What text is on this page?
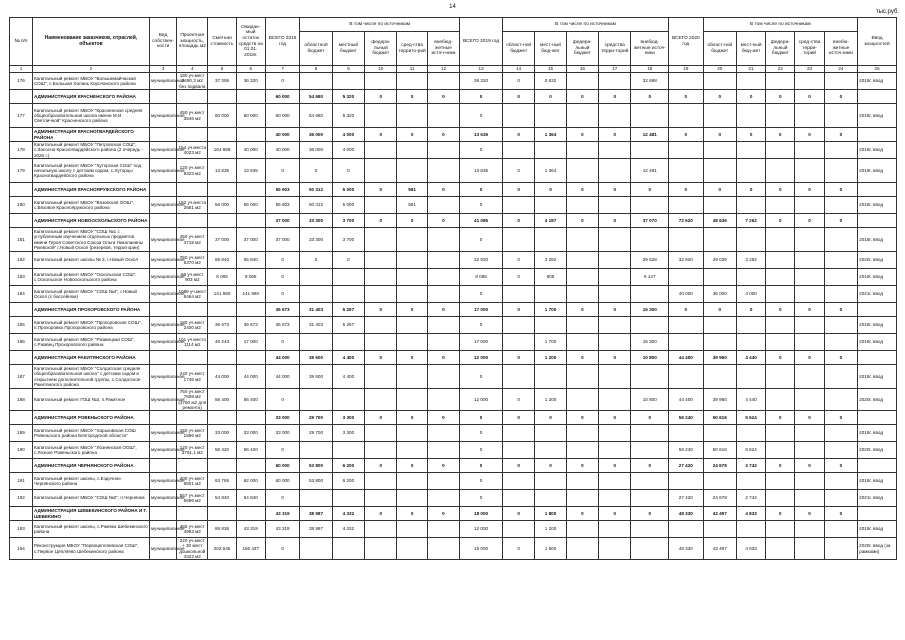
14
тыс.руб.
№ п/п	Наименование заказчиков, отраслей, объектов	Вид собствен-ности	Проектная мощность, площадь м2	Сметная стоимость	Ожидае-мый остаток средств на 01.01. 2018г.	ВСЕГО 2018 год	В том числе по источникам					ВСЕГО 2019 год	В том числе по источникам					ВСЕГО 2020 год	В том числе по источникам					Ввод мощностей
							областной бюджет	местный бюджет	федера-льный бюджет	сред-ства террито-рий	внебюд-жетные источ-ники		област-ной бюджет	мест-ный бюд-жет	федера-льный бюджет	средства терри-торий	внебюд-жетные источ-ники		област-ной бюджет	мест-ный бюд-жет	федера-льный бюджет	сред-ства терри-торий	внебю-жетные источ-ники	
1	2	3	4	5	6	7	8	9	10	11	12	13	14	15	16	17	18	19	20	21	22	23	24	25
176	Капитальный ремонт МБОУ "Большемайчаская СОШ", с.Большая Халань Корочанского района	муниципальная	180 уч.мест 2490,3 м2 без подвала	37 395	36 320	0						36 320	0	3 632			32 688							2019г. ввод
	АДМИНИСТРАЦИЯ КРАСНЕНСКОГО РАЙОНА					60 000	54 680	5 320	0	0	0	0	0	0	0	0	0	0	0	0	0	0	0	
177	Капитальный ремонт МБОУ "Красненская средняя общеобразовательная школа имени М.И. Светличной" Красненского района	муниципальная	450 уч.мест 3546 м2	60 000	60 000	60 000	54 680	5 320				0												2018г. ввод
	АДМИНИСТРАЦИЯ КРАСНОГВАРДЕЙСКОГО РАЙОНА					40 000	36 000	4 000	0	0	0	13 635	0	1 364	0	0	12 481	0	0	0	0	0	0	
178	Капитальный ремонт МБОУ "Петровская СОШ", с.Засосна Красногвардейского района (2 очередь - 2020 г.)	муниципальная	154 уч.места 4023 м2	164 969	40 000	40 000	36 000	4 000				0												2018г. ввод
179	Капитальный ремонт МБОУ "Хуторская СОШ" под начальную школу с детским садом, с.Хуторцы Красногвардейского района	муниципальная	120 уч.мест 9323 м2	13 635	13 635	0	0	0				13 635	0	1 364			12 481							2019г. ввод
	АДМИНИСТРАЦИЯ КРАСНОЯРУЖСКОГО РАЙОНА					55 903	50 312	5 000	0	591	0	0	0	0	0	0	0	0	0	0	0	0	0	
180	Капитальный ремонт МБОУ "Вязовская ООШ", с.Вязовое Краснояружского района	муниципальная	192 уч.места 2681 м2	56 000	56 000	55 903	50 312	5 000		591		0												2018г. ввод
	АДМИНИСТРАЦИЯ НОВООСКОЛЬСКОГО РАЙОНА					37 000	33 300	3 700	0	0	0	41 085	0	4 187	0	0	37 070	72 620	48 636	7 262	0	0	0	
181	Капитальный ремонт МБОУ "СОШ №1 с углубленным изучением отдельных предметов имени Героя Советского Союза Ольги Николаевны Ржевской" г.Новый Оскол (резервов, территории)	муниципальная	450 уч.мест 4719 м2	37 000	37 000	37 000	33 300	3 700				0												2018г. ввод
182	Капитальный ремонт школы № 3, г.Новый Оскол	муниципальная	750 уч.мест 6370 м2	65 840	65 840	0	0	0				32 920	0	3 292			29 628	32 920	29 039	3 292				2020г. ввод
183	Капитальный ремонт МБОУ "Оскольская СОШ", с.Оскольское Новооскольского района	муниципальная	96 уч.мест 903 м2	8 065	8 065	0						8 065	0	805			6 147							2019г. ввод
184	Капитальный ремонт МБОУ "СОШ №4", г.Новый Оскол (с бассейном)	муниципальная	1089 уч.мест 8464 м2	141 960	141 960	0						0						40 000	36 000	4 000				2021г. ввод
	АДМИНИСТРАЦИЯ ПРОХОРОВСКОГО РАЙОНА					36 673	31 403	5 267	0	0	0	17 000	0	1 700	0	0	15 300	0	0	0	0	0	0	
185	Капитальный ремонт МБОУ "Прохоровская СОШ", п.Прохоровка Прохоровского района	муниципальная	180 уч.мест 2400 м2	36 673	36 673	36 673	31 403	5 267				0												2018г. ввод
186	Капитальный ремонт МБОУ "Ржавецкая СОШ", с.Ржавец Прохоровского района	муниципальная	101 уч.место 1114 м2	46 243	17 000	0						17 000		1 700			15 300							2019г. ввод
	АДМИНИСТРАЦИЯ РАКИТЯНСКОГО РАЙОНА					44 000	39 600	4 400	0	0	0	12 000	0	1 200	0	0	10 800	44 400	39 960	4 440	0	0	0	
187	Капитальный ремонт МБОУ "Солдатская средняя общеобразовательная школа" с детским садом и открытием дополнительной группы, с.Солдатское Ракитянского района	муниципальная	240 уч.мест 1746 м2	44 000	44 000	44 000	39 600	4 400				0												2018г. ввод
188	Капитальный ремонт ГОШ №2, п.Ракитное	муниципальная	750 уч.мест 7608 м2 (3750 м2 для ремонта)	56 400	56 400	0						12 000	0	1 200			10 800	44 400	39 960	4 440				2020г. ввод
	АДМИНИСТРАЦИЯ РОВЕНЬСКОГО РАЙОНА					33 000	29 700	3 300	0	0	0	0	0	0	0	0	0	56 240	50 616	5 624	0	0	0	
189	Капитальный ремонт МБОУ "Харьковская СОШ Ровеньского района Белгородской области"	муниципальная	150 уч.мест 1896 м2	33 000	33 000	33 000	29 700	3 300				0												2018г. ввод
190	Капитальный ремонт МБОУ "Лознянская ООШ", с.Лозное Ровеньского района	муниципальная	120 уч.мест 3791,1 м2	56 420	56 420	0						0						56 240	50 616	5 624				2020г. ввод
	АДМИНИСТРАЦИЯ ЧЕРНЯНСКОГО РАЙОНА					60 000	53 800	6 200	0	0	0	0	0	0	0	0	0	27 420	24 678	2 742	0	0	0	
191	Капитальный ремонт школы, с.Ездочное Чернянского района	муниципальная	400 уч.мест 6601 м2	63 765	62 000	60 000	53 800	6 200				0												2018г. ввод
192	Капитальный ремонт МБОУ "СОШ №2", п.Чернянка	муниципальная	557 уч.мест 5696 м2	54 840	54 840	0						0						27 420	24 678	2 742				2021г. ввод
	АДМИНИСТРАЦИЯ ШЕБЕКИНСКОГО РАЙОНА И Г. ШЕБЕКИНО					43 319	38 987	4 332	0	0	0	18 000	0	1 800	0	0	0	48 330	43 497	4 833	0	0	0	
193	Капитальный ремонт школы, с.Ржевка Шебекинского района	муниципальная	465 уч.мест 4993 м2	86 836	43 319	43 319	38 987	4 332				12 000		1 200										2019г. ввод
194	Реконструкция МБОУ "Первоцепляевская СОШ", с.Первое Цепляево Шебекинского района	муниципальная	220 уч.мест + 30 мест дошкольной 4322 м2	202 645	156 437	0						15 000	0	1 500				48 330	43 497	4 833				2020г. ввод (за рамками)
